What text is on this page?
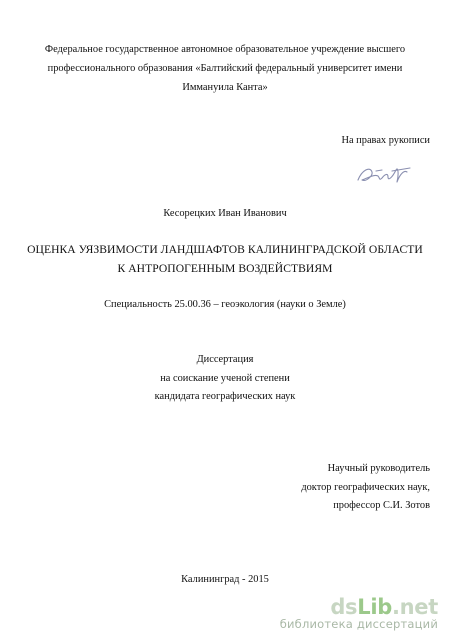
Федеральное государственное автономное образовательное учреждение высшего
профессионального образования «Балтийский федеральный университет имени
Иммануила Канта»
На правах рукописи
Кесорецких Иван Иванович
ОЦЕНКА УЯЗВИМОСТИ ЛАНДШАФТОВ КАЛИНИНГРАДСКОЙ ОБЛАСТИ
К АНТРОПОГЕННЫМ ВОЗДЕЙСТВИЯМ
Специальность 25.00.36 – геоэкология (науки о Земле)
Диссертация
на соискание ученой степени
кандидата географических наук
Научный руководитель
доктор географических наук,
профессор С.И. Зотов
Калининград - 2015
dsLib.net
библиотека диссертаций
